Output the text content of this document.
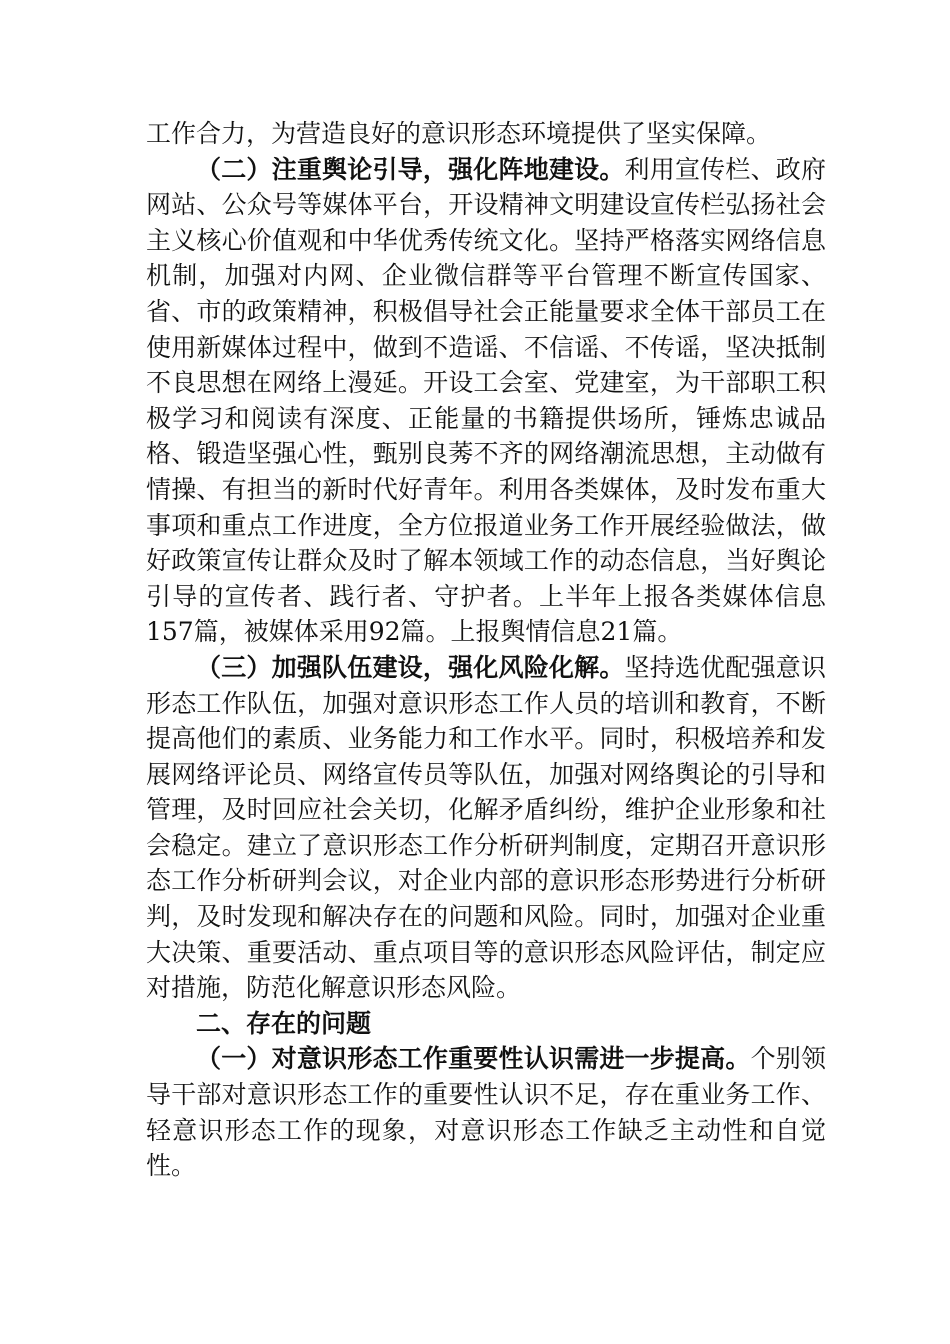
工作合力，为营造良好的意识形态环境提供了坚实保障。

（二）注重舆论引导，强化阵地建设。利用宣传栏、政府网站、公众号等媒体平台，开设精神文明建设宣传栏弘扬社会主义核心价值观和中华优秀传统文化。坚持严格落实网络信息机制，加强对内网、企业微信群等平台管理不断宣传国家、省、市的政策精神，积极倡导社会正能量要求全体干部员工在使用新媒体过程中，做到不造谣、不信谣、不传谣，坚决抵制不良思想在网络上漫延。开设工会室、党建室，为干部职工积极学习和阅读有深度、正能量的书籍提供场所，锤炼忠诚品格、锻造坚强心性，甄别良莠不齐的网络潮流思想，主动做有情操、有担当的新时代好青年。利用各类媒体，及时发布重大事项和重点工作进度，全方位报道业务工作开展经验做法，做好政策宣传让群众及时了解本领域工作的动态信息，当好舆论引导的宣传者、践行者、守护者。上半年上报各类媒体信息157篇，被媒体采用92篇。上报舆情信息21篇。

（三）加强队伍建设，强化风险化解。坚持选优配强意识形态工作队伍，加强对意识形态工作人员的培训和教育，不断提高他们的素质、业务能力和工作水平。同时，积极培养和发展网络评论员、网络宣传员等队伍，加强对网络舆论的引导和管理，及时回应社会关切，化解矛盾纠纷，维护企业形象和社会稳定。建立了意识形态工作分析研判制度，定期召开意识形态工作分析研判会议，对企业内部的意识形态形势进行分析研判，及时发现和解决存在的问题和风险。同时，加强对企业重大决策、重要活动、重点项目等的意识形态风险评估，制定应对措施，防范化解意识形态风险。

二、存在的问题

（一）对意识形态工作重要性认识需进一步提高。个别领导干部对意识形态工作的重要性认识不足，存在重业务工作、轻意识形态工作的现象，对意识形态工作缺乏主动性和自觉性。
